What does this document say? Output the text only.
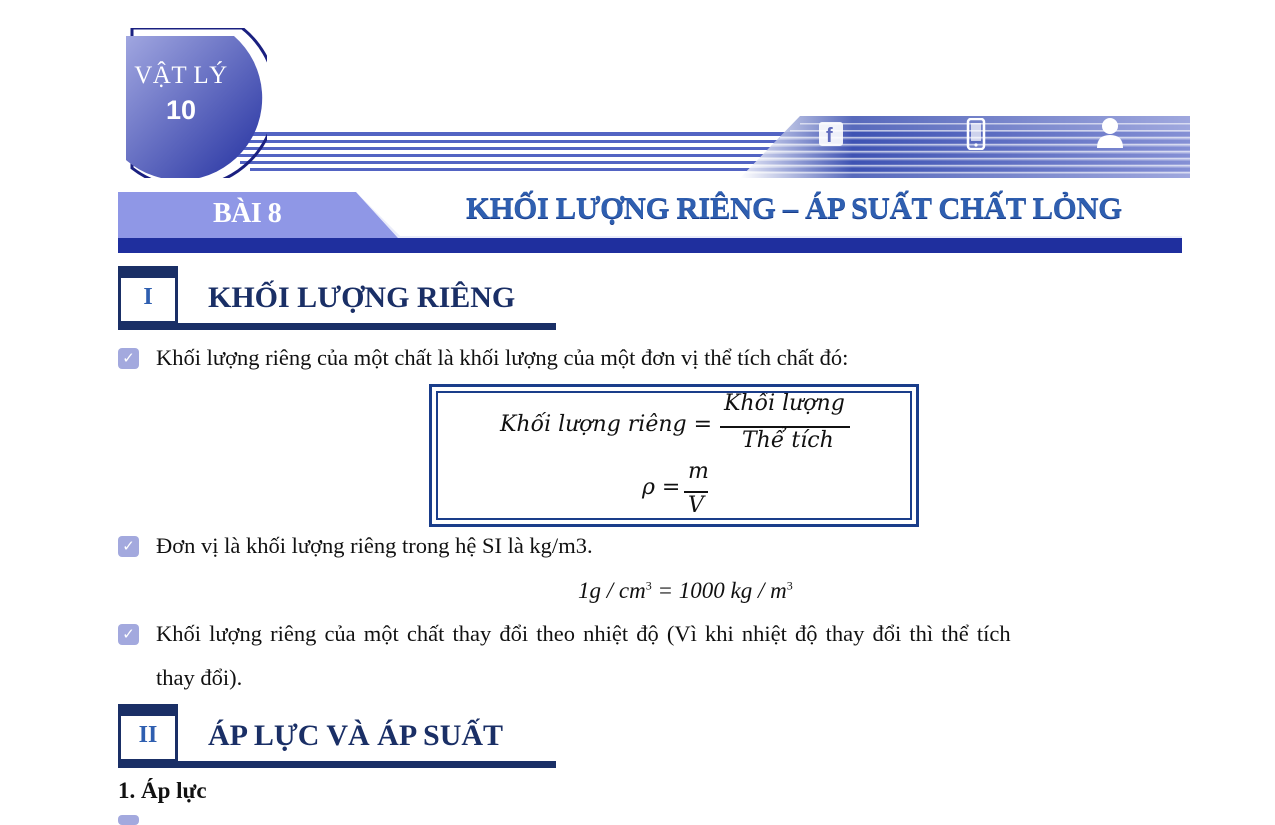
VẬT LÝ
10
f
BÀI 8	KHỐI LƯỢNG RIÊNG – ÁP SUẤT CHẤT LỎNG
●●●
I	KHỐI LƯỢNG RIÊNG
✓ Khối lượng riêng của một chất là khối lượng của một đơn vị thể tích chất đó:
Khối lượng riêng =
Khối lượng
Thể tích
ρ =
m
V
✓ Đơn vị là khối lượng riêng trong hệ SI là kg/m3.
$1g / cm^3 = 1000$ kg / $m^3$
✓ Khối lượng riêng của một chất thay đổi theo nhiệt độ (Vì khi nhiệt độ thay đổi thì thể tích
thay đổi).
●●●
II	ÁP LỰC VÀ ÁP SUẤT
1. Áp lực
